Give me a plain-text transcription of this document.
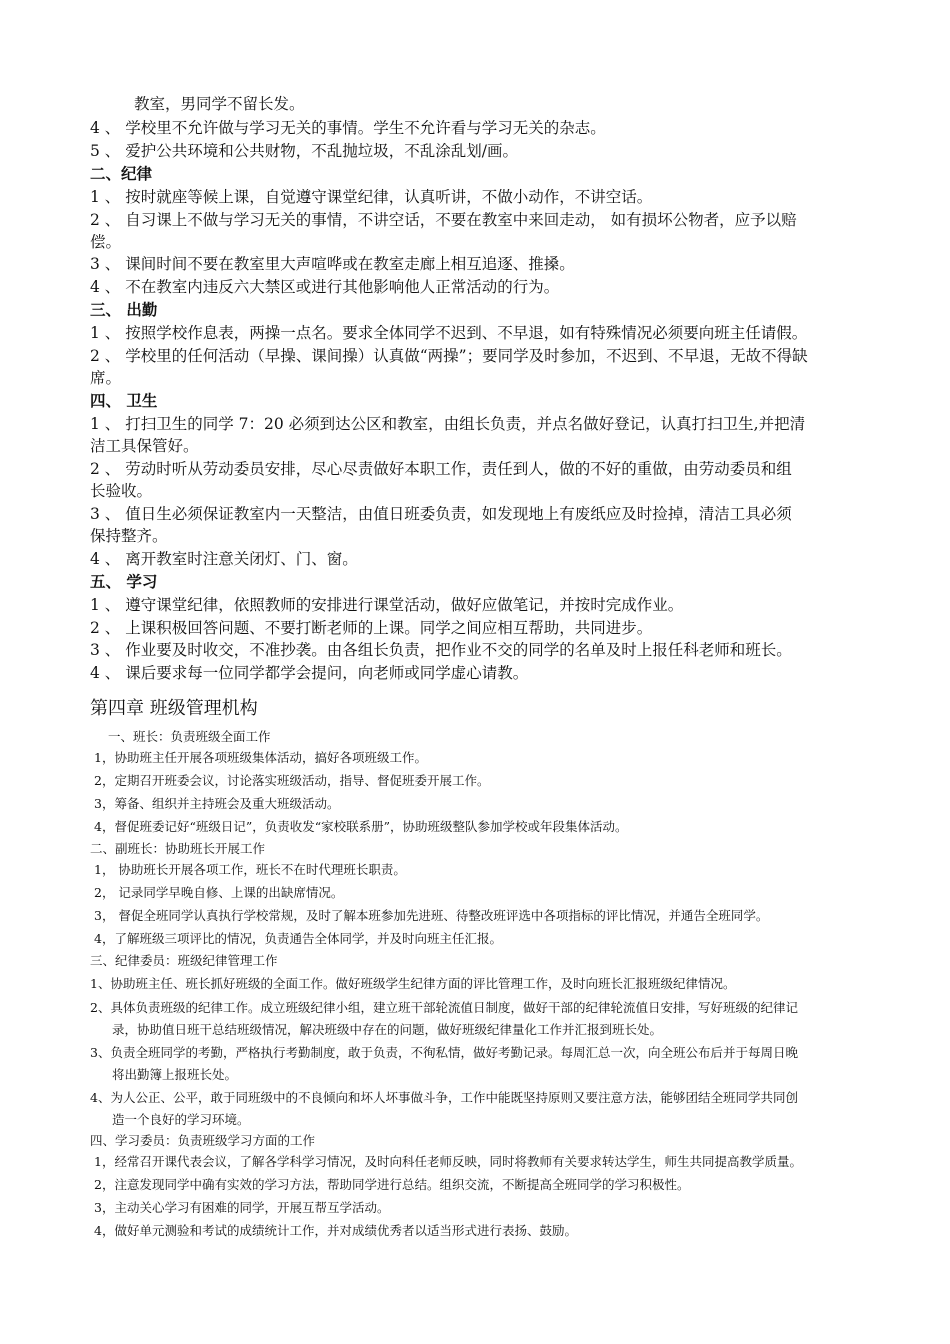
教室，男同学不留长发。
4 、 学校里不允许做与学习无关的事情。学生不允许看与学习无关的杂志。
5 、 爱护公共环境和公共财物，不乱抛垃圾，不乱涂乱划/画。
二、纪律
1 、 按时就座等候上课，自觉遵守课堂纪律，认真听讲，不做小动作，不讲空话。
2 、 自习课上不做与学习无关的事情，不讲空话，不要在教室中来回走动， 如有损坏公物者，应予以赔
偿。
3 、 课间时间不要在教室里大声喧哗或在教室走廊上相互追逐、推搡。
4 、 不在教室内违反六大禁区或进行其他影响他人正常活动的行为。
三、 出勤
1 、 按照学校作息表，两操一点名。要求全体同学不迟到、不早退，如有特殊情况必须要向班主任请假。
2 、 学校里的任何活动（早操、课间操）认真做“两操”；要同学及时参加，不迟到、不早退，无故不得缺
席。
四、 卫生
1 、 打扫卫生的同学 7：20 必须到达公区和教室，由组长负责，并点名做好登记，认真打扫卫生,并把清
洁工具保管好。
2 、 劳动时听从劳动委员安排，尽心尽责做好本职工作，责任到人，做的不好的重做，由劳动委员和组
长验收。
3 、 值日生必须保证教室内一天整洁，由值日班委负责，如发现地上有废纸应及时捡掉，清洁工具必须
保持整齐。
4 、 离开教室时注意关闭灯、门、窗。
五、 学习
1 、 遵守课堂纪律，依照教师的安排进行课堂活动，做好应做笔记，并按时完成作业。
2 、 上课积极回答问题、不要打断老师的上课。同学之间应相互帮助，共同进步。
3 、 作业要及时收交，不准抄袭。由各组长负责，把作业不交的同学的名单及时上报任科老师和班长。
4 、 课后要求每一位同学都学会提问，向老师或同学虚心请教。
第四章 班级管理机构
一、班长：负责班级全面工作
1，协助班主任开展各项班级集体活动，搞好各项班级工作。
2，定期召开班委会议，讨论落实班级活动，指导、督促班委开展工作。
3，筹备、组织并主持班会及重大班级活动。
4，督促班委记好“班级日记”，负责收发“家校联系册”，协助班级整队参加学校或年段集体活动。
二、副班长：协助班长开展工作
1， 协助班长开展各项工作，班长不在时代理班长职责。
2， 记录同学早晚自修、上课的出缺席情况。
3， 督促全班同学认真执行学校常规，及时了解本班参加先进班、待整改班评选中各项指标的评比情况，并通告全班同学。
4，了解班级三项评比的情况，负责通告全体同学，并及时向班主任汇报。
三、纪律委员：班级纪律管理工作
1、协助班主任、班长抓好班级的全面工作。做好班级学生纪律方面的评比管理工作，及时向班长汇报班级纪律情况。
2、具体负责班级的纪律工作。成立班级纪律小组，建立班干部轮流值日制度，做好干部的纪律轮流值日安排，写好班级的纪律记
录，协助值日班干总结班级情况，解决班级中存在的问题，做好班级纪律量化工作并汇报到班长处。
3、负责全班同学的考勤，严格执行考勤制度，敢于负责，不徇私情，做好考勤记录。每周汇总一次，向全班公布后并于每周日晚
将出勤簿上报班长处。
4、为人公正、公平，敢于同班级中的不良倾向和坏人坏事做斗争，工作中能既坚持原则又要注意方法，能够团结全班同学共同创
造一个良好的学习环境。
四、学习委员：负责班级学习方面的工作
1，经常召开课代表会议，了解各学科学习情况，及时向科任老师反映，同时将教师有关要求转达学生，师生共同提高教学质量。
2，注意发现同学中确有实效的学习方法，帮助同学进行总结。组织交流，不断提高全班同学的学习积极性。
3，主动关心学习有困难的同学，开展互帮互学活动。
4，做好单元测验和考试的成绩统计工作，并对成绩优秀者以适当形式进行表扬、鼓励。
